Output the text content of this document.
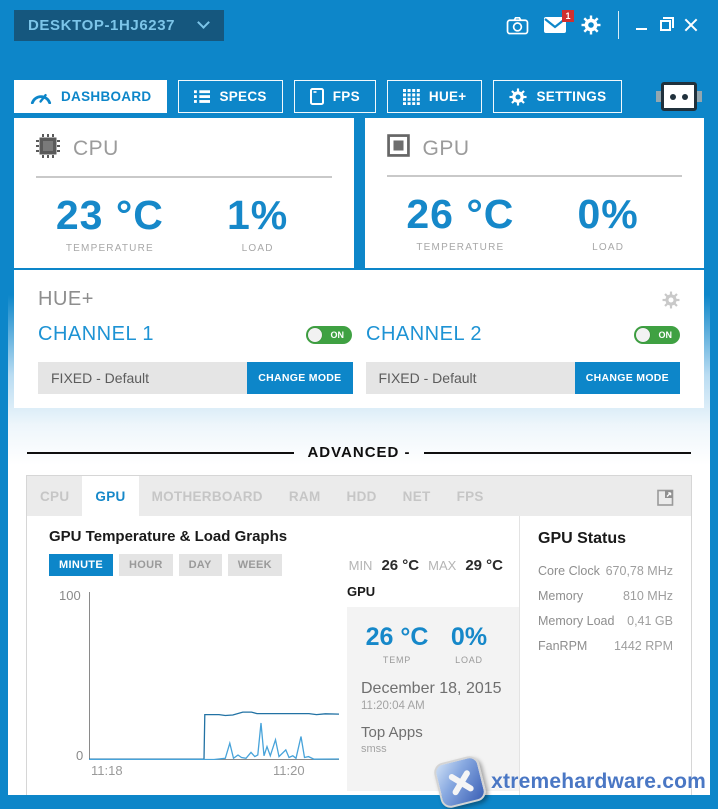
DESKTOP-1HJ6237
1
DASHBOARD	SPECS	FPS	HUE+	SETTINGS
CPU
23 °C
TEMPERATURE
1%
LOAD
GPU
26 °C
TEMPERATURE
0%
LOAD
HUE+
CHANNEL 1	ON CHANNEL 2	ON
FIXED - Default	CHANGE MODE	FIXED - Default	CHANGE MODE
ADVANCED -
CPU GPU MOTHERBOARD RAM HDD NET FPS
GPU Temperature & Load Graphs
MINUTE	HOUR	DAY	WEEK	MIN 26 °C MAX 29 °C
100
0
11:18	11:20
GPU
26 °C
TEMP
0%
LOAD
December 18, 2015
11:20:04 AM
Top Apps
smss
GPU Status
Core Clock 670,78 MHz
Memory	810 MHz
Memory Load 0,41 GB
FanRPM 1442 RPM
xtremehardware.com
